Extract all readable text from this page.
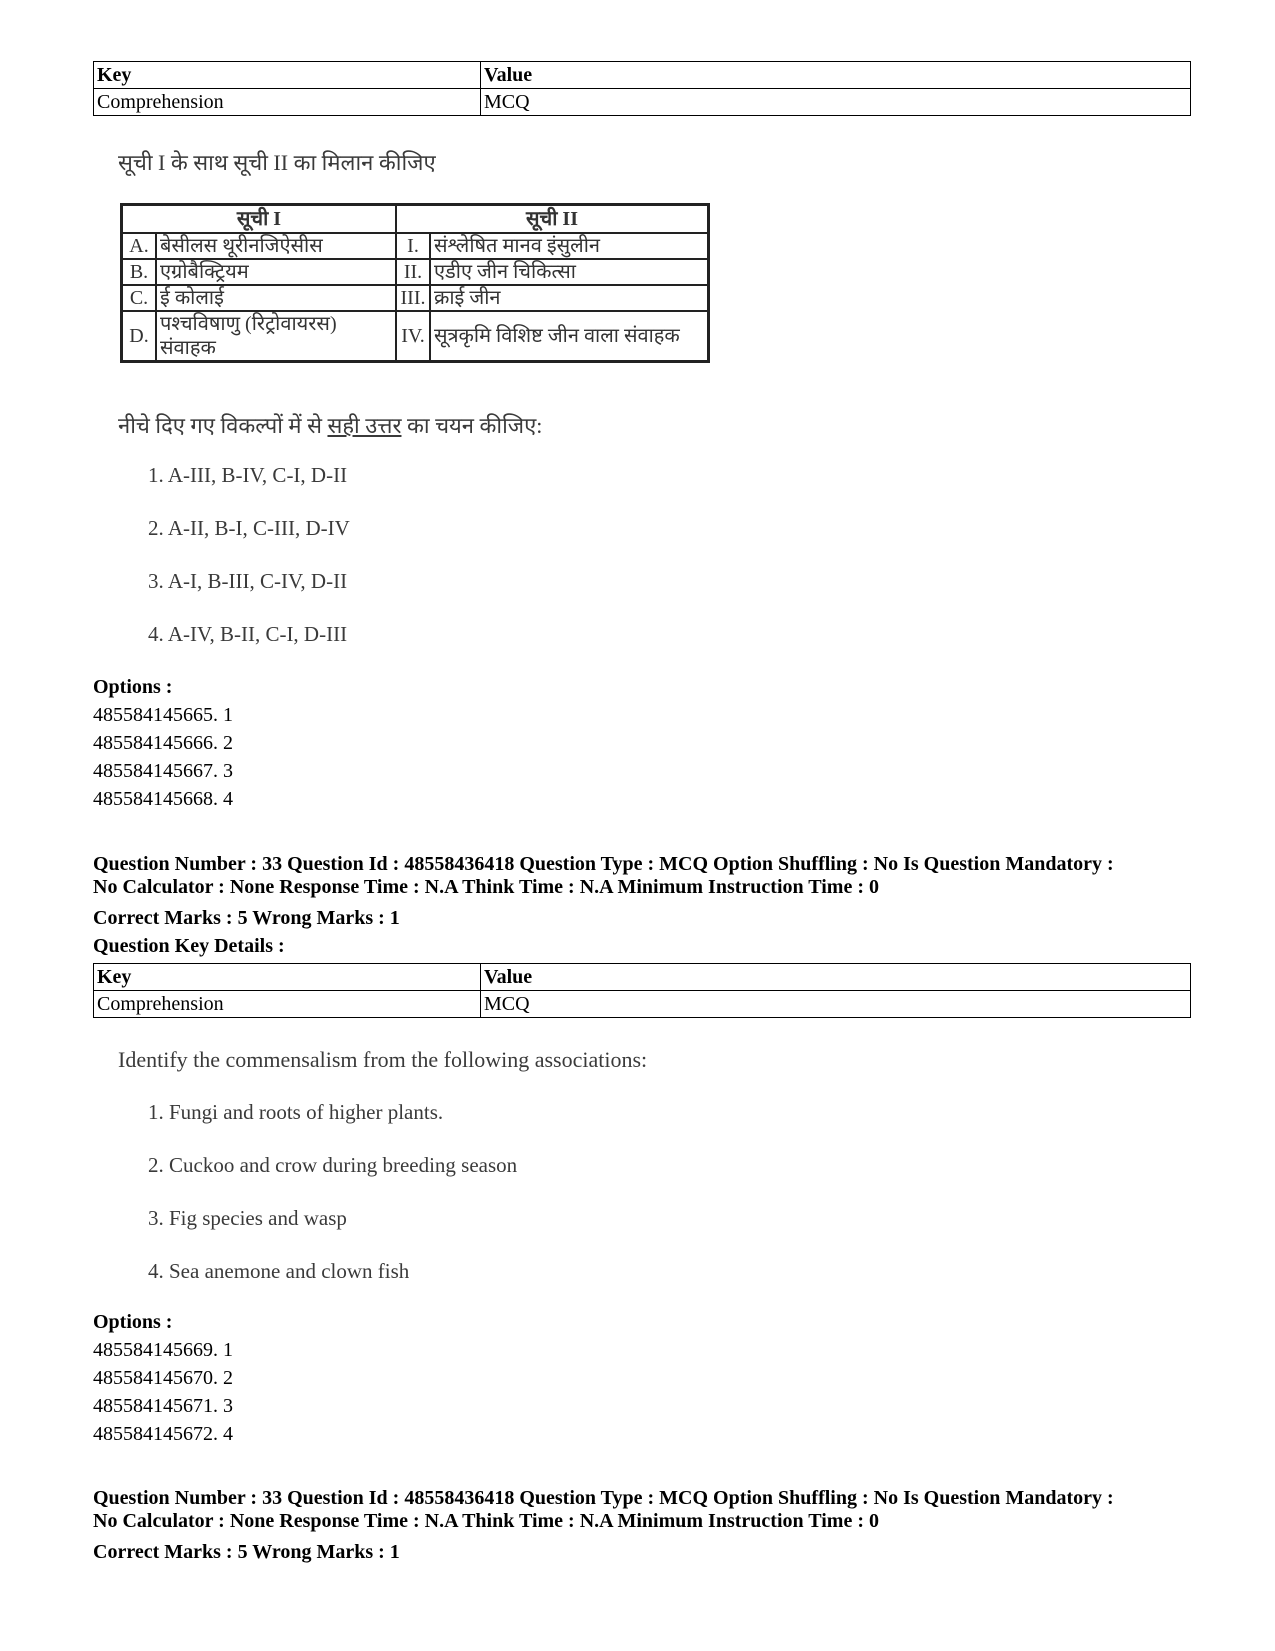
Key	Value
Comprehension	MCQ
सूची I के साथ सूची II का मिलान कीजिए
सूची I		सूची II	
A.	बेसीलस थूरीनजिऐसीस	I.	संश्लेषित मानव इंसुलीन
B.	एग्रोबैक्ट्रियम	II.	एडीए जीन चिकित्सा
C.	ई कोलाई	III.	क्राई जीन
D.	पश्चविषाणु (रिट्रोवायरस) संवाहक	IV.	सूत्रकृमि विशिष्ट जीन वाला संवाहक
नीचे दिए गए विकल्पों में से सही उत्तर का चयन कीजिए:
1. A-III, B-IV, C-I, D-II
2. A-II, B-I, C-III, D-IV
3. A-I, B-III, C-IV, D-II
4. A-IV, B-II, C-I, D-III
Options :
485584145665. 1
485584145666. 2
485584145667. 3
485584145668. 4
Question Number : 33 Question Id : 48558436418 Question Type : MCQ Option Shuffling : No Is Question Mandatory :
No Calculator : None Response Time : N.A Think Time : N.A Minimum Instruction Time : 0
Correct Marks : 5 Wrong Marks : 1
Question Key Details :
Key	Value
Comprehension	MCQ
Identify the commensalism from the following associations:
1. Fungi and roots of higher plants.
2. Cuckoo and crow during breeding season
3. Fig species and wasp
4. Sea anemone and clown fish
Options :
485584145669. 1
485584145670. 2
485584145671. 3
485584145672. 4
Question Number : 33 Question Id : 48558436418 Question Type : MCQ Option Shuffling : No Is Question Mandatory :
No Calculator : None Response Time : N.A Think Time : N.A Minimum Instruction Time : 0
Correct Marks : 5 Wrong Marks : 1
